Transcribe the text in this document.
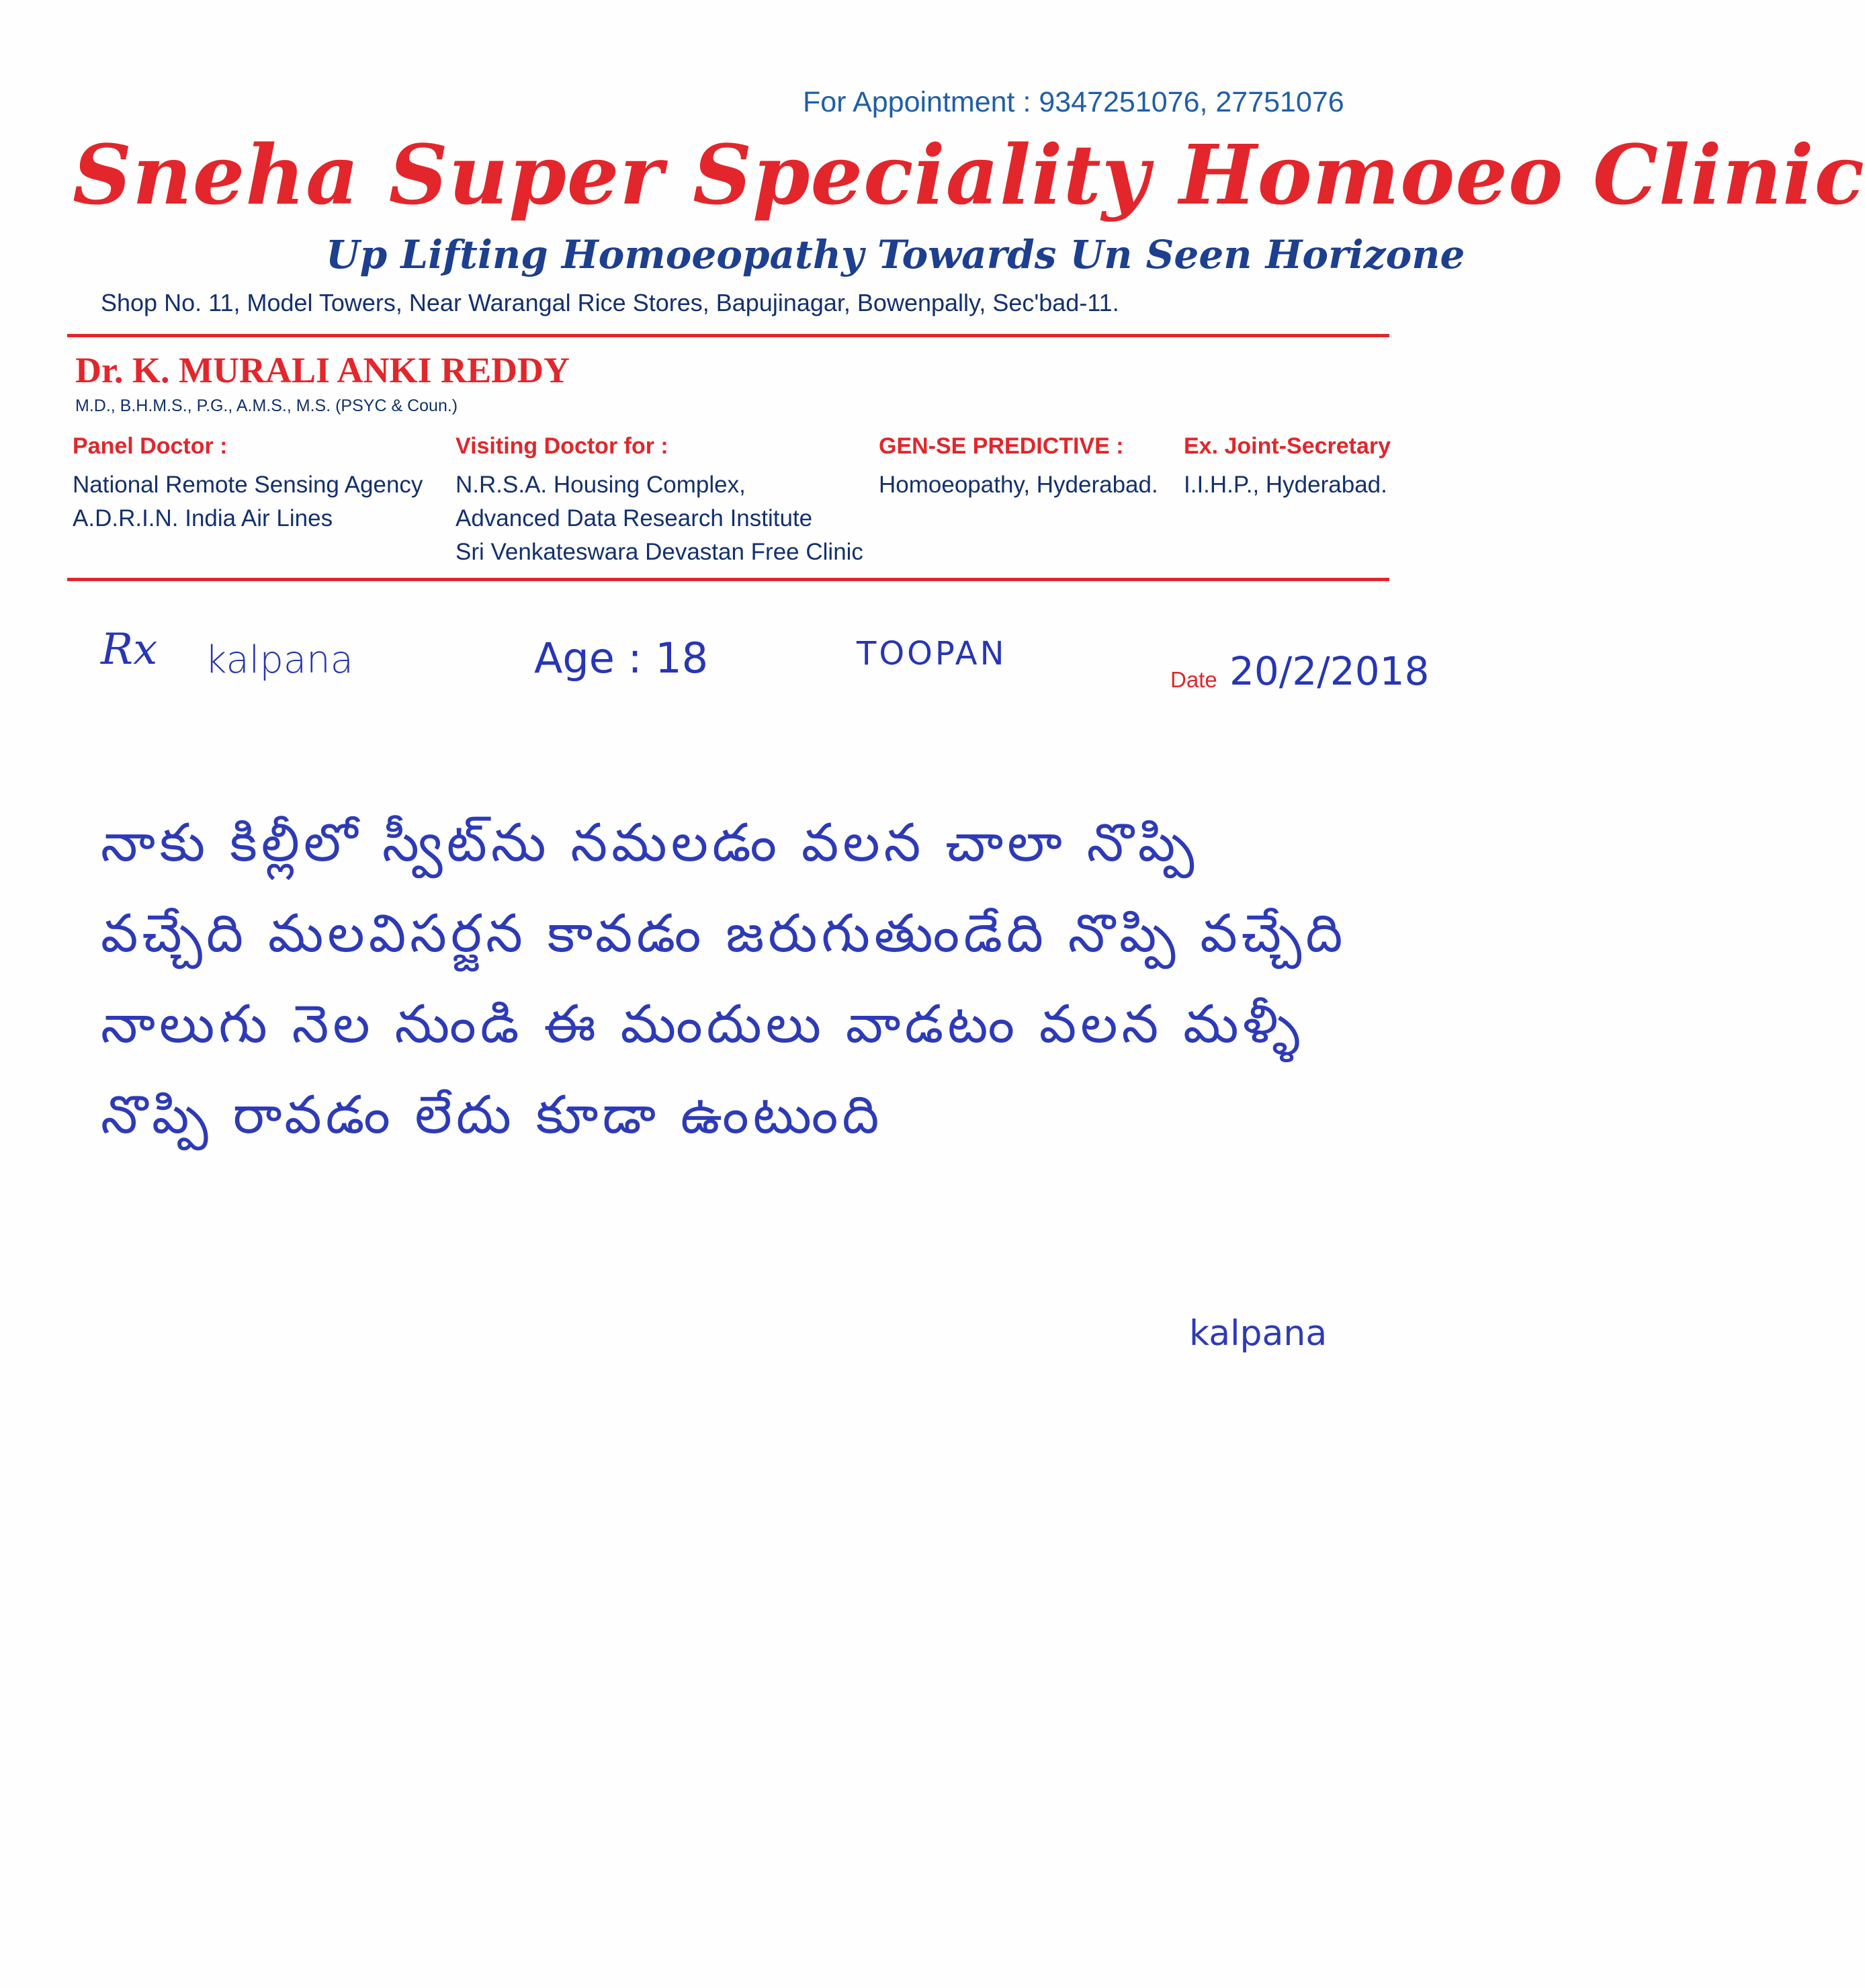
For Appointment : 9347251076, 27751076
Sneha Super Speciality Homoeo Clinic
Up Lifting Homoeopathy Towards Un Seen Horizone
Shop No. 11, Model Towers, Near Warangal Rice Stores, Bapujinagar, Bowenpally, Sec'bad-11.
Dr. K. MURALI ANKI REDDY
M.D., B.H.M.S., P.G., A.M.S., M.S. (PSYC & Coun.)
Panel Doctor :
National Remote Sensing Agency
A.D.R.I.N. India Air Lines
Visiting Doctor for :
N.R.S.A. Housing Complex,
Advanced Data Research Institute
Sri Venkateswara Devastan Free Clinic
GEN-SE PREDICTIVE :
Homoeopathy, Hyderabad.
Ex. Joint-Secretary
I.I.H.P., Hyderabad.
Rx kalpana	Age : 18	TOOPAN
Date 20/2/2018
నాకు కిల్లీలో స్వీట్‌ను నమలడం వలన చాలా నొప్పి
వచ్చేది మలవిసర్జన కావడం జరుగుతుండేది నొప్పి వచ్చేది
నాలుగు నెల నుండి ఈ మందులు వాడటం వలన మళ్ళీ
నొప్పి రావడం లేదు కూడా ఉంటుంది
kalpana
